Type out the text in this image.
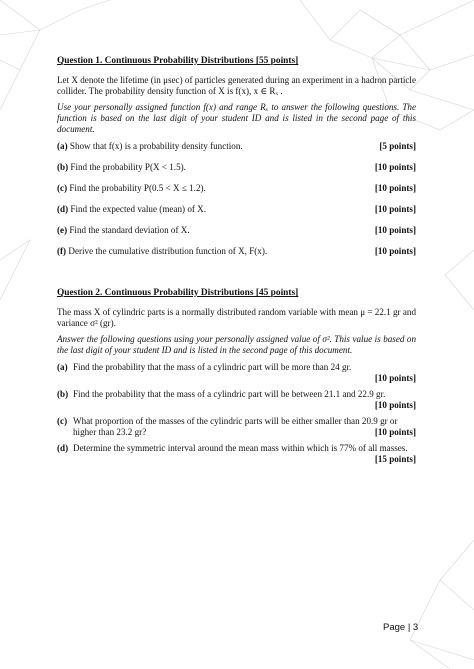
Question 1. Continuous Probability Distributions [55 points]

Let X denote the lifetime (in μsec) of particles generated during an experiment in a hadron particle collider. The probability density function of X is f(x), x ∈ Rₓ .

Use your personally assigned function f(x) and range Rₓ to answer the following questions. The function is based on the last digit of your student ID and is listed in the second page of this document.

(a) Show that f(x) is a probability density function.	[5 points]
(b) Find the probability P(X < 1.5).	[10 points]
(c) Find the probability P(0.5 < X ≤ 1.2).	[10 points]
(d) Find the expected value (mean) of X.	[10 points]
(e) Find the standard deviation of X.	[10 points]
(f) Derive the cumulative distribution function of X, F(x).	[10 points]

Question 2. Continuous Probability Distributions [45 points]

The mass X of cylindric parts is a normally distributed random variable with mean μ = 22.1 gr and variance σ² (gr).

Answer the following questions using your personally assigned value of σ². This value is based on the last digit of your student ID and is listed in the second page of this document.

(a) Find the probability that the mass of a cylindric part will be more than 24 gr.
[10 points]
(b) Find the probability that the mass of a cylindric part will be between 21.1 and 22.9 gr.
[10 points]
(c) What proportion of the masses of the cylindric parts will be either smaller than 20.9 gr or
higher than 23.2 gr?	[10 points]
(d) Determine the symmetric interval around the mean mass within which is 77% of all masses.
[15 points]
Page | 3
